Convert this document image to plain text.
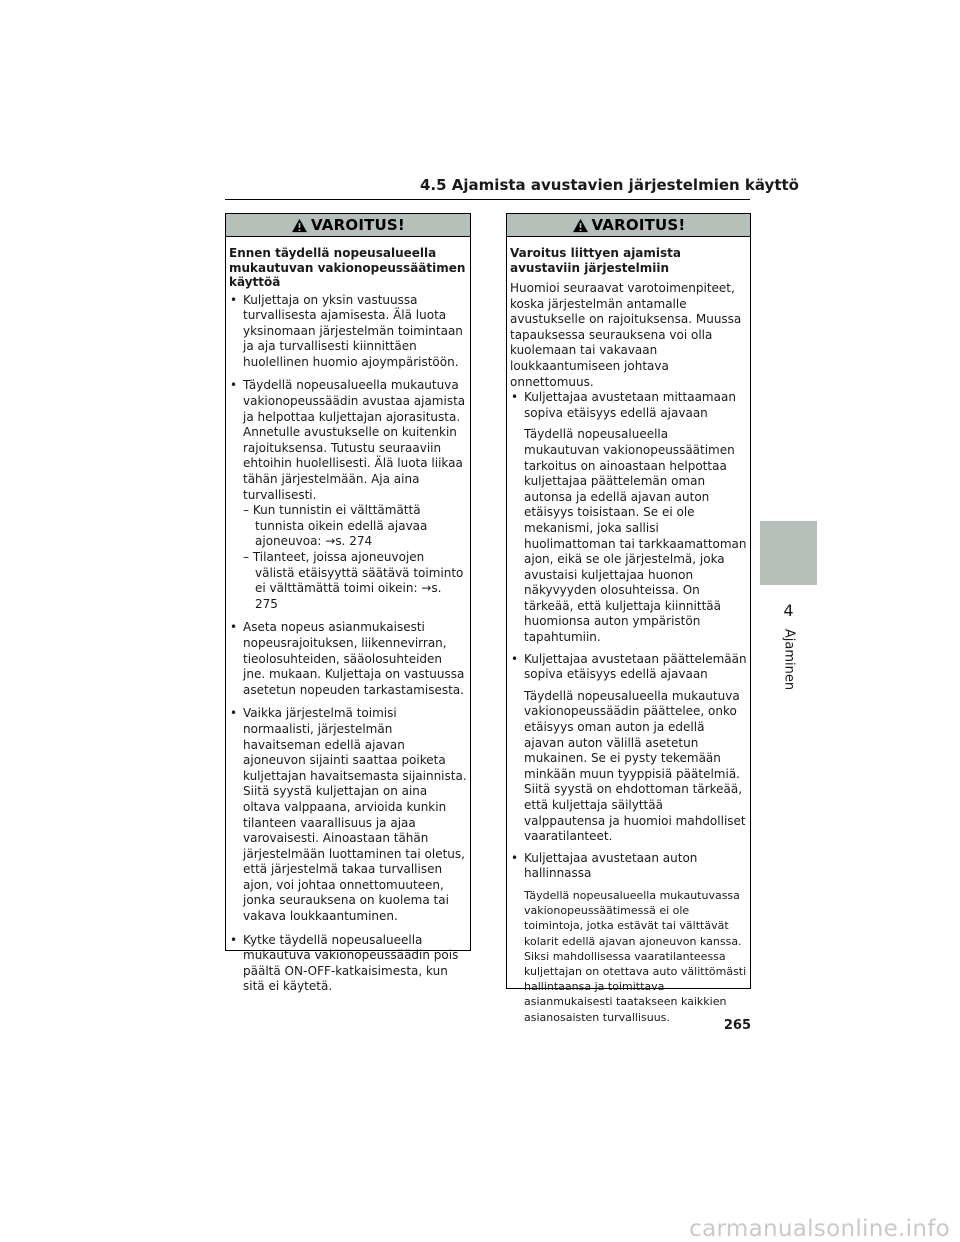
4.5 Ajamista avustavien järjestelmien käyttö
VAROITUS!
Ennen täydellä nopeusalueella mukautuvan vakionopeussäätimen käyttöä
• Kuljettaja on yksin vastuussa turvallisesta ajamisesta. Älä luota yksinomaan järjestelmän toimintaan ja aja turvallisesti kiinnittäen huolellinen huomio ajoympäristöön.
• Täydellä nopeusalueella mukautuva vakionopeussäädin avustaa ajamista ja helpottaa kuljettajan ajorasitusta. Annetulle avustukselle on kuitenkin rajoituksensa. Tutustu seuraaviin ehtoihin huolellisesti. Älä luota liikaa tähän järjestelmään. Aja aina turvallisesti.
– Kun tunnistin ei välttämättä tunnista oikein edellä ajavaa ajoneuvoa: →s. 274
– Tilanteet, joissa ajoneuvojen välistä etäisyyttä säätävä toiminto ei välttämättä toimi oikein: →s. 275
• Aseta nopeus asianmukaisesti nopeusrajoituksen, liikennevirran, tieolosuhteiden, sääolosuhteiden jne. mukaan. Kuljettaja on vastuussa asetetun nopeuden tarkastamisesta.
• Vaikka järjestelmä toimisi normaalisti, järjestelmän havaitseman edellä ajavan ajoneuvon sijainti saattaa poiketa kuljettajan havaitsemasta sijainnista. Siitä syystä kuljettajan on aina oltava valppaana, arvioida kunkin tilanteen vaarallisuus ja ajaa varovaisesti. Ainoastaan tähän järjestelmään luottaminen tai oletus, että järjestelmä takaa turvallisen ajon, voi johtaa onnettomuuteen, jonka seurauksena on kuolema tai vakava loukkaantuminen.
• Kytke täydellä nopeusalueella mukautuva vakionopeussäädin pois päältä ON-OFF-katkaisimesta, kun sitä ei käytetä.
VAROITUS!
Varoitus liittyen ajamista avustaviin järjestelmiin
Huomioi seuraavat varotoimenpiteet, koska järjestelmän antamalle avustukselle on rajoituksensa. Muussa tapauksessa seurauksena voi olla kuolemaan tai vakavaan loukkaantumiseen johtava onnettomuus.
• Kuljettajaa avustetaan mittaamaan sopiva etäisyys edellä ajavaan
Täydellä nopeusalueella mukautuvan vakionopeussäätimen tarkoitus on ainoastaan helpottaa kuljettajaa päättelemän oman autonsa ja edellä ajavan auton etäisyys toisistaan. Se ei ole mekanismi, joka sallisi huolimattoman tai tarkkaamattoman ajon, eikä se ole järjestelmä, joka avustaisi kuljettajaa huonon näkyvyyden olosuhteissa. On tärkeää, että kuljettaja kiinnittää huomionsa auton ympäristön tapahtumiin.
• Kuljettajaa avustetaan päättelemään sopiva etäisyys edellä ajavaan
Täydellä nopeusalueella mukautuva vakionopeussäädin päättelee, onko etäisyys oman auton ja edellä ajavan auton välillä asetetun mukainen. Se ei pysty tekemään minkään muun tyyppisiä päätelmiä. Siitä syystä on ehdottoman tärkeää, että kuljettaja säilyttää valppautensa ja huomioi mahdolliset vaaratilanteet.
• Kuljettajaa avustetaan auton hallinnassa
Täydellä nopeusalueella mukautuvassa vakionopeussäätimessä ei ole toimintoja, jotka estävät tai välttävät kolarit edellä ajavan ajoneuvon kanssa. Siksi mahdollisessa vaaratilanteessa kuljettajan on otettava auto välittömästi hallintaansa ja toimittava asianmukaisesti taatakseen kaikkien asianosaisten turvallisuus.
4
Ajaminen
265
carmanualsonline.info
